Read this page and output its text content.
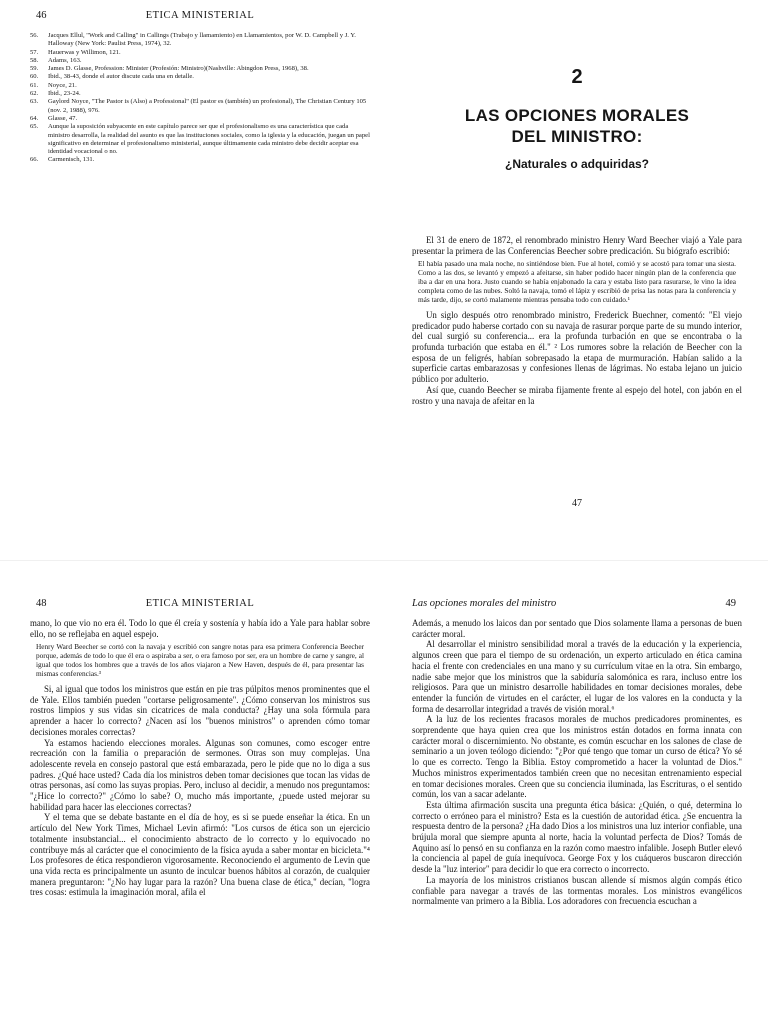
46	ETICA MINISTERIAL
56.	Jacques Ellul, "Work and Calling" in Callings (Trabajo y llamamiento) en Llamamientos, por W. D. Campbell y J. Y. Halloway (New York: Paulist Press, 1974), 32.
57.	Hauerwas y Willimon, 121.
58.	Adams, 163.
59.	James D. Glasse, Profession: Minister (Profesión: Ministro)(Nashville: Abingdon Press, 1968), 38.
60.	Ibid., 38-43, donde el autor discute cada una en detalle.
61.	Noyce, 21.
62.	Ibid., 23-24.
63.	Gaylord Noyce, "The Pastor is (Also) a Professional" (El pastor es (también) un profesional), The Christian Century 105 (nov. 2, 1988), 976.
64.	Glasse, 47.
65.	Aunque la suposición subyacente en este capítulo parece ser que el profesionalismo es una característica que cada ministro desarrolla, la realidad del asunto es que las instituciones sociales, como la iglesia y la educación, juegan un papel significativo en determinar el profesionalismo ministerial, aunque últimamente cada ministro debe decidir aceptar esa identidad vocacional o no.
66.	Carmenisch, 131.
2
LAS OPCIONES MORALES
DEL MINISTRO:
¿Naturales o adquiridas?

El 31 de enero de 1872, el renombrado ministro Henry Ward Beecher viajó a Yale para presentar la primera de las Conferencias Beecher sobre predicación. Su biógrafo escribió:

El había pasado una mala noche, no sintiéndose bien. Fue al hotel, comió y se acostó para tomar una siesta. Como a las dos, se levantó y empezó a afeitarse, sin haber podido hacer ningún plan de la conferencia que iba a dar en una hora. Justo cuando se había enjabonado la cara y estaba listo para rasurarse, le vino la idea completa como de las nubes. Soltó la navaja, tomó el lápiz y escribió de prisa las notas para la conferencia y más tarde, dijo, se cortó malamente mientras pensaba todo con cuidado.¹

Un siglo después otro renombrado ministro, Frederick Buechner, comentó: "El viejo predicador pudo haberse cortado con su navaja de rasurar porque parte de su mundo interior, del cual surgió su conferencia... era la profunda turbación en que se encontraba o la profunda turbación que estaba en él." ² Los rumores sobre la relación de Beecher con la esposa de un feligrés, habían sobrepasado la etapa de murmuración. Habían salido a la superficie cartas embarazosas y confesiones llenas de lágrimas. No estaba lejano un juicio público por adulterio.

Así que, cuando Beecher se miraba fijamente frente al espejo del hotel, con jabón en el rostro y una navaja de afeitar en la

47
48	ETICA MINISTERIAL

mano, lo que vio no era él. Todo lo que él creía y sostenía y había ido a Yale para hablar sobre ello, no se reflejaba en aquel espejo.

Henry Ward Beecher se cortó con la navaja y escribió con sangre notas para esa primera Conferencia Beecher porque, además de todo lo que él era o aspiraba a ser, o era famoso por ser, era un hombre de carne y sangre, al igual que todos los hombres que a través de los años viajaron a New Haven, después de él, para presentar las mismas conferencias.³

Si, al igual que todos los ministros que están en pie tras púlpitos menos prominentes que el de Yale. Ellos también pueden "cortarse peligrosamente". ¿Cómo conservan los ministros sus rostros limpios y sus vidas sin cicatrices de mala conducta? ¿Hay una sola fórmula para aprender a hacer lo correcto? ¿Nacen así los "buenos ministros" o aprenden cómo tomar decisiones morales correctas?

Ya estamos haciendo elecciones morales. Algunas son comunes, como escoger entre recreación con la familia o preparación de sermones. Otras son muy complejas. Una adolescente revela en consejo pastoral que está embarazada, pero le pide que no lo diga a sus padres. ¿Qué hace usted? Cada día los ministros deben tomar decisiones que tocan las vidas de otras personas, así como las suyas propias. Pero, incluso al decidir, a menudo nos preguntamos: "¿Hice lo correcto?" ¿Cómo lo sabe? O, mucho más importante, ¿puede usted mejorar su habilidad para hacer las elecciones correctas?

Y el tema que se debate bastante en el día de hoy, es si se puede enseñar la ética. En un artículo del New York Times, Michael Levin afirmó: "Los cursos de ética son un ejercicio totalmente insubstancial... el conocimiento abstracto de lo correcto y lo equivocado no contribuye más al carácter que el conocimiento de la física ayuda a saber montar en bicicleta."⁴ Los profesores de ética respondieron vigorosamente. Reconociendo el argumento de Levin que una vida recta es principalmente un asunto de inculcar buenos hábitos al corazón, de cualquier manera preguntaron: "¿No hay lugar para la razón? Una buena clase de ética," decían, "logra tres cosas: estimula la imaginación moral, afila el

Las opciones morales del ministro	49

Además, a menudo los laicos dan por sentado que Dios solamente llama a personas de buen carácter moral.

Al desarrollar el ministro sensibilidad moral a través de la educación y la experiencia, algunos creen que para el tiempo de su ordenación, un experto articulado en ética camina hacia el frente con credenciales en una mano y su currículum vitae en la otra. Sin embargo, nadie sabe mejor que los ministros que la sabiduría salomónica es rara, incluso entre los religiosos. Para que un ministro desarrolle habilidades en tomar decisiones morales, debe entender la función de virtudes en el carácter, el lugar de los valores en la conducta y la forma de desarrollar integridad a través de visión moral.⁶

A la luz de los recientes fracasos morales de muchos predicadores prominentes, es sorprendente que haya quien crea que los ministros están dotados en forma innata con carácter moral o discernimiento. No obstante, es común escuchar en los salones de clase de seminario a un joven teólogo diciendo: "¿Por qué tengo que tomar un curso de ética? Yo sé lo que es correcto. Tengo la Biblia. Estoy comprometido a hacer la voluntad de Dios." Muchos ministros experimentados también creen que no necesitan entrenamiento especial en tomar decisiones morales. Creen que su conciencia iluminada, las Escrituras, o el sentido común, los van a sacar adelante.

Esta última afirmación suscita una pregunta ética básica: ¿Quién, o qué, determina lo correcto o erróneo para el ministro? Esta es la cuestión de autoridad ética. ¿Se encuentra la respuesta dentro de la persona? ¿Ha dado Dios a los ministros una luz interior confiable, una brújula moral que siempre apunta al norte, hacia la voluntad perfecta de Dios? Tomás de Aquino así lo pensó en su confianza en la razón como maestro infalible. Joseph Butler elevó la conciencia al papel de guía inequívoca. George Fox y los cuáqueros buscaron dirección desde la "luz interior" para decidir lo que era correcto o incorrecto.

La mayoría de los ministros cristianos buscan allende sí mismos algún compás ético confiable para navegar a través de las tormentas morales. Los ministros evangélicos normalmente van primero a la Biblia. Los adoradores con frecuencia escuchan a
